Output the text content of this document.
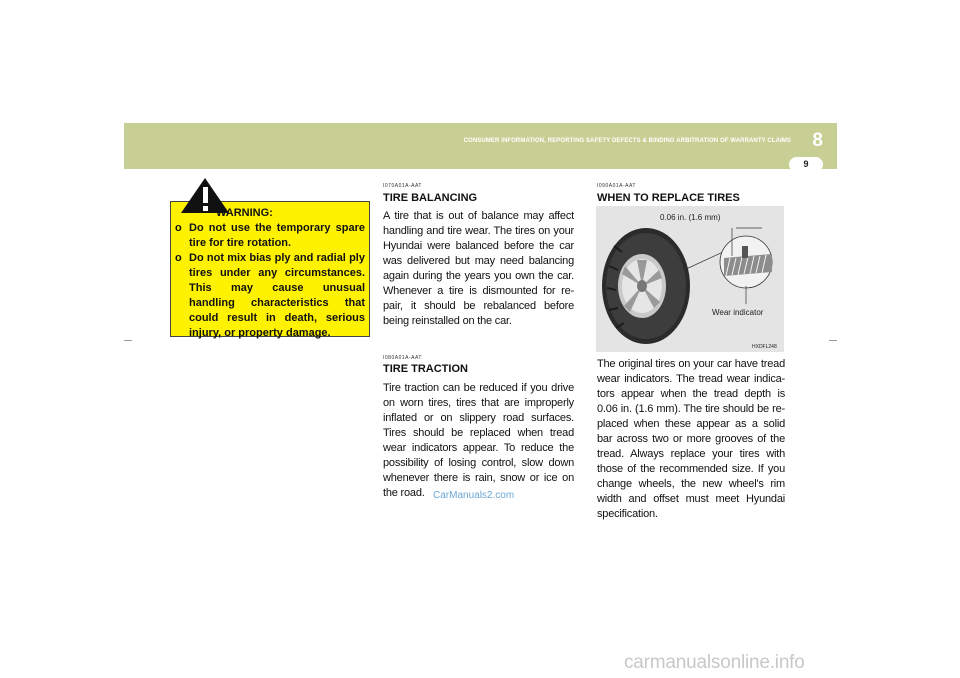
CONSUMER INFORMATION, REPORTING SAFETY DEFECTS & BINDING ARBITRATION OF WARRANTY CLAIMS 8
9
WARNING:
o Do not use the temporary spare tire for tire rotation.
o Do not mix bias ply and radial ply tires under any circumstances. This may cause unusual handling characteristics that could result in death, serious injury, or property damage.
I070A01A-AAT
TIRE BALANCING
A tire that is out of balance may affect handling and tire wear. The tires on your Hyundai were balanced before the car was delivered but may need balancing again during the years you own the car. Whenever a tire is dismounted for re-pair, it should be rebalanced before being reinstalled on the car.
I080A01A-AAT
TIRE TRACTION
Tire traction can be reduced if you drive on worn tires, tires that are improperly inflated or on slippery road surfaces. Tires should be replaced when tread wear indicators appear. To reduce the possibility of losing control, slow down whenever there is rain, snow or ice on the road. CarManuals2.com
I090A01A-AAT
WHEN TO REPLACE TIRES
0.06 in. (1.6 mm)
Wear indicator
HXDFL248
The original tires on your car have tread wear indicators. The tread wear indica-tors appear when the tread depth is 0.06 in. (1.6 mm). The tire should be re-placed when these appear as a solid bar across two or more grooves of the tread. Always replace your tires with those of the recommended size. If you change wheels, the new wheel's rim width and offset must meet Hyundai specification.
carmanualsonline.info
